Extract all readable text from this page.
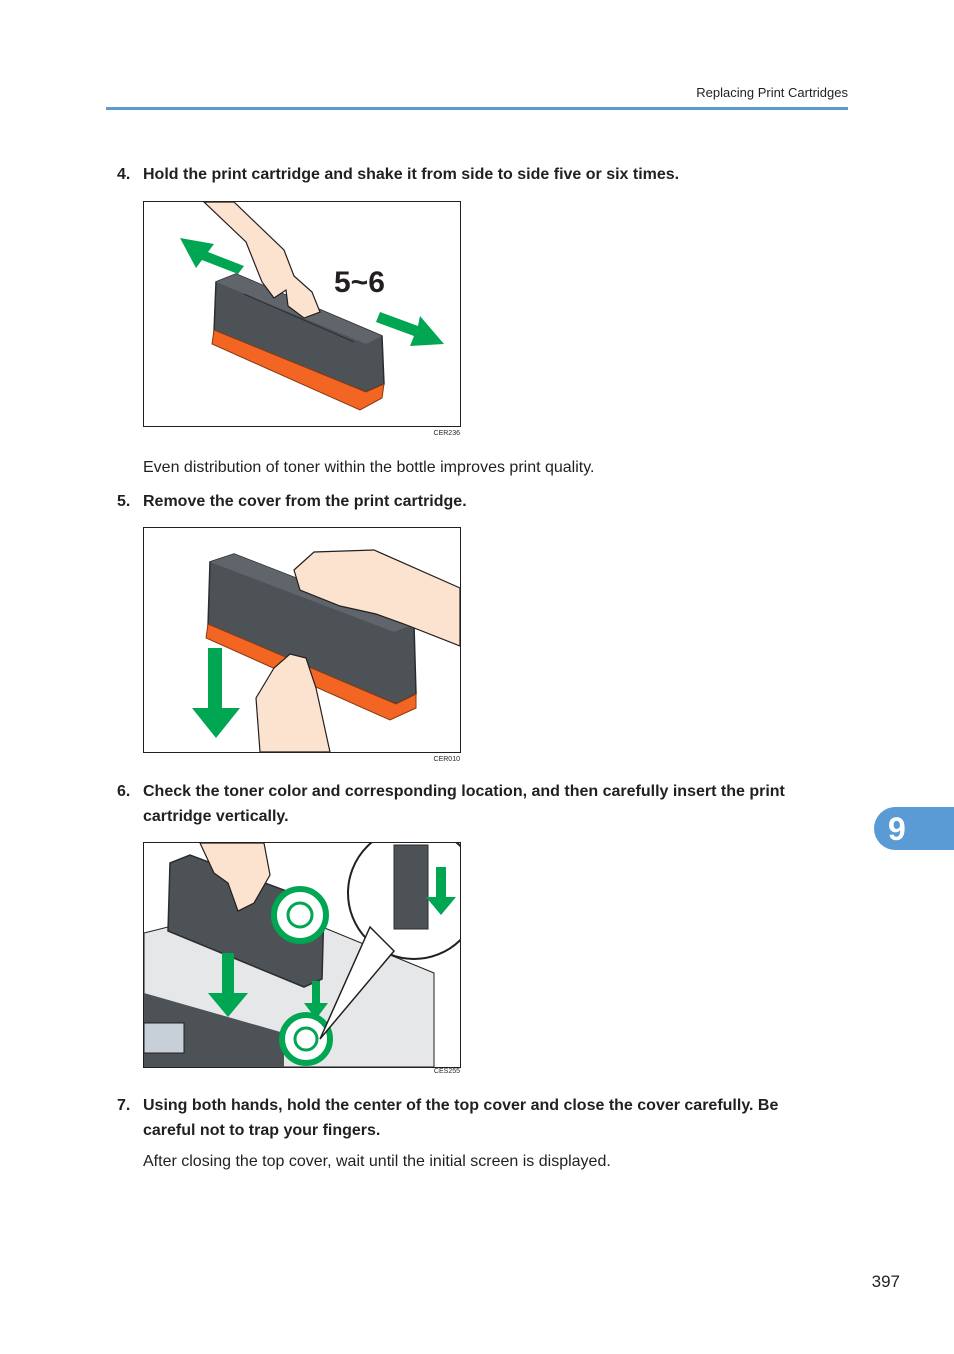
Replacing Print Cartridges
4. Hold the print cartridge and shake it from side to side five or six times.
5~6
CER236
Even distribution of toner within the bottle improves print quality.
5. Remove the cover from the print cartridge.
CER010
6. Check the toner color and corresponding location, and then carefully insert the print cartridge vertically.
CES255
7. Using both hands, hold the center of the top cover and close the cover carefully. Be careful not to trap your fingers.
After closing the top cover, wait until the initial screen is displayed.
9
397
